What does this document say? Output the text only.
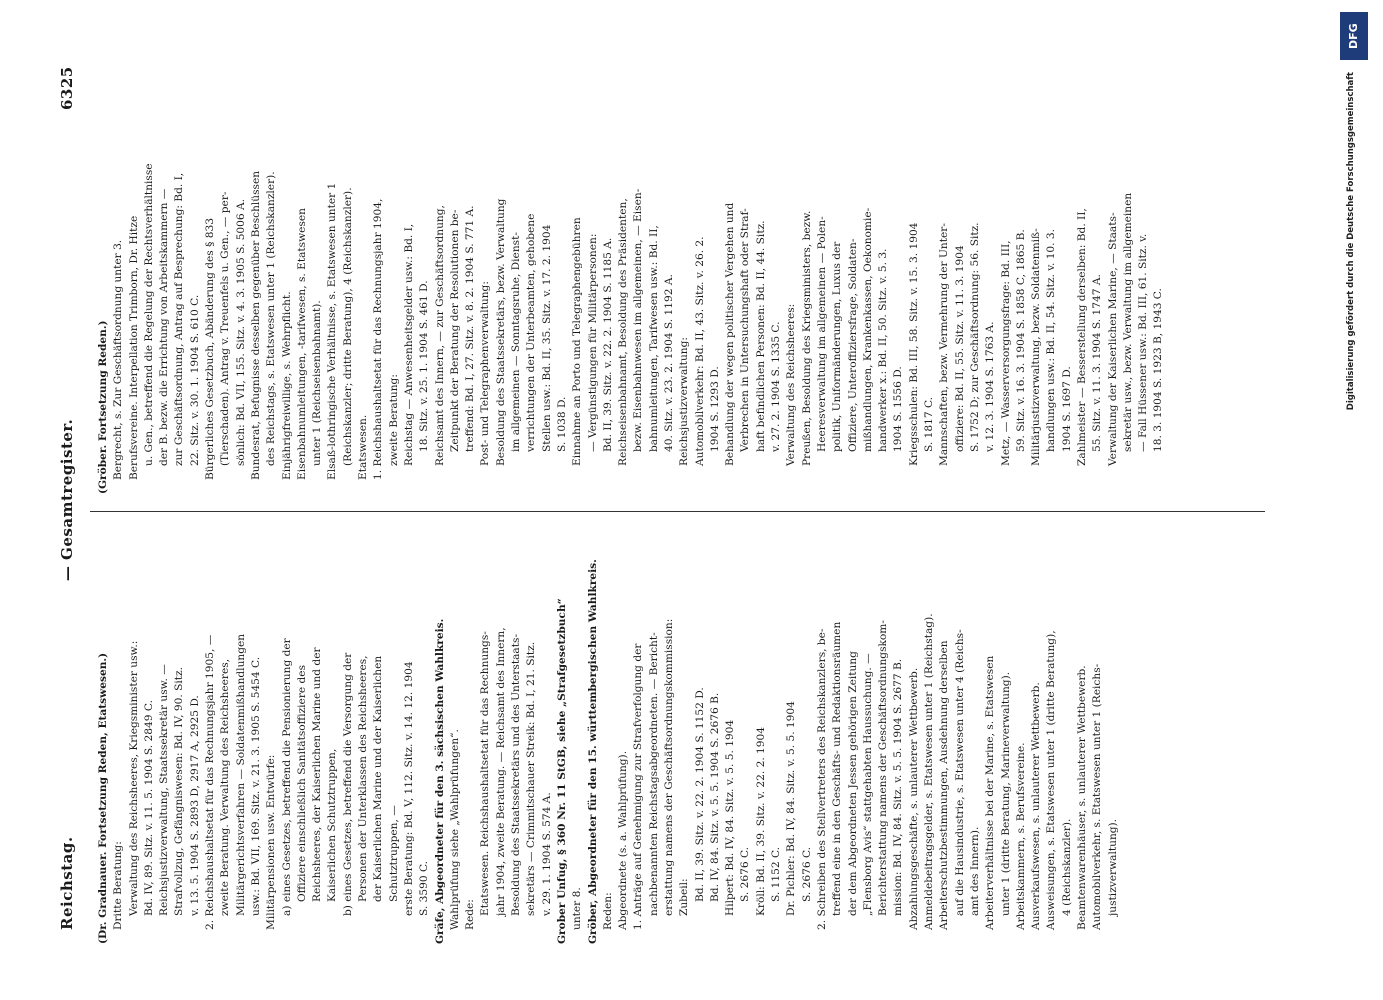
Reichstag.
— Gesamtregister.
6325
(Dr. Gradnauer. Fortsetzung Reden, Etatswesen.) Dritte Beratung: Verwaltung des Reichsheeres, Kriegsminister usw.: Bd. IV, 89. Sitz. v. 11. 5. 1904 S. 2849 C. Reichsjustizverwaltung, Staatssekretär usw. — Strafvollzug, Gefängniswesen: Bd. IV, 90. Sitz. v. 13. 5. 1904 S. 2893 D, 2917 A, 2925 D. 2. Reichshaushaltsetat für das Rechnungsjahr 1905, — zweite Beratung. Verwaltung des Reichsheeres, Militärgerichtsverfahren — Soldatenmißhandlungen usw.: Bd. VII, 169. Sitz. v. 21. 3. 1905 S. 5454 C. Militärpensionen usw. Entwürfe: a) eines Gesetzes, betreffend die Pensionierung der Offiziere einschließlich Sanitätsoffiziere des Reichsheeres, der Kaiserlichen Marine und der Kaiserlichen Schutztruppen, b) eines Gesetzes, betreffend die Versorgung der Personen der Unterklassen des Reichsheeres, der Kaiserlichen Marine und der Kaiserlichen Schutztruppen, — erste Beratung: Bd. V, 112. Sitz. v. 14. 12. 1904 S. 3590 C. Gräfe, Abgeordneter für den 3. sächsischen Wahlkreis. Wahlprüfung siehe „Wahlprüfungen“. Rede: Etatswesen. Reichshaushaltsetat für das Rechnungs- jahr 1904, zweite Beratung. — Reichsamt des Innern, Besoldung des Staatssekretärs und des Unterstaats- sekretärs — Crimmitschauer Streik: Bd. I, 21. Sitz. v. 29. 1. 1904 S. 574 A. Grober Unfug, § 360 Nr. 11 StGB, siehe „Strafgesetzbuch“ unter 8. Gröber, Abgeordneter für den 15. württembergischen Wahlkreis. Reden: Abgeordnete (s. a. Wahlprüfung). 1. Anträge auf Genehmigung zur Strafverfolgung der nachbenannten Reichstagsabgeordneten. — Bericht- erstattung namens der Geschäftsordnungskommission: Zubeil: Bd. II, 39. Sitz. v. 22. 2. 1904 S. 1152 D. Bd. IV, 84. Sitz. v. 5. 5. 1904 S. 2676 B. Hilpert: Bd. IV, 84. Sitz. v. 5. 5. 1904 S. 2676 C. Kröll: Bd. II, 39. Sitz. v. 22. 2. 1904 S. 1152 C. Dr. Pichler: Bd. IV, 84. Sitz. v. 5. 5. 1904 S. 2676 C. 2. Schreiben des Stellvertreters des Reichskanzlers, be- treffend eine in den Geschäfts- und Redaktionsräumen der dem Abgeordneten Jessen gehörigen Zeitung „Flensborg Avis“ stattgehabten Haussuchung. — Berichterstattung namens der Geschäftsordnungskom- mission: Bd. IV, 84. Sitz. v. 5. 5. 1904 S. 2677 B. Abzahlungsgeschäfte, s. unlauterer Wettbewerb. Anmeldebeitragsgelder, s. Etatswesen unter 1 (Reichstag). Arbeiterschutzbestimmungen, Ausdehnung derselben auf die Hausindustrie, s. Etatswesen unter 4 (Reichs- amt des Innern). Arbeiterverhältnisse bei der Marine, s. Etatswesen unter 1 (dritte Beratung, Marineverwaltung). Arbeitskammern, s. Berufsvereine. Ausverkaufswesen, s. unlauterer Wettbewerb. Ausweisungen, s. Etatswesen unter 1 (dritte Beratung), 4 (Reichskanzler). Beamtenwarenhäuser, s. unlauterer Wettbewerb. Automobilverkehr, s. Etatswesen unter 1 (Reichs- justizverwaltung).
(Gröber. Fortsetzung Reden.) Bergrecht, s. Zur Geschäftsordnung unter 3. Berufsvereine. Interpellation Trimborn, Dr. Hitze u. Gen., betreffend die Regelung der Rechtsverhältnisse der B. bezw. die Errichtung von Arbeitskammern — zur Geschäftsordnung, Antrag auf Besprechung: Bd. I, 22. Sitz. v. 30. 1. 1904 S. 610 C. Bürgerliches Gesetzbuch, Abänderung des § 833 (Tierschaden). Antrag v. Treuenfels u. Gen., — per- sönlich: Bd. VII, 155. Sitz. v. 4. 3. 1905 S. 5006 A. Bundesrat, Befugnisse desselben gegenüber Beschlüssen des Reichstags, s. Etatswesen unter 1 (Reichskanzler). Einjährigfreiwillige, s. Wehrpflicht. Eisenbahnumleitungen, -tarifwesen, s. Etatswesen unter 1 (Reichseisenbahnamt). Elsaß-lothringische Verhältnisse, s. Etatswesen unter 1 (Reichskanzler; dritte Beratung), 4 (Reichskanzler). Etatswesen. 1. Reichshaushaltsetat für das Rechnungsjahr 1904, zweite Beratung: Reichstag — Anwesenheitsgelder usw.: Bd. I, 18. Sitz. v. 25. 1. 1904 S. 461 D. Reichsamt des Innern, — zur Geschäftsordnung, Zeitpunkt der Beratung der Resolutionen be- treffend: Bd. I, 27. Sitz. v. 8. 2. 1904 S. 771 A. Post- und Telegraphenverwaltung: Besoldung des Staatssekretärs, bezw. Verwaltung im allgemeinen — Sonntagsruhe, Dienst- verrichtungen der Unterbeamten, gehobene Stellen usw.: Bd. II, 35. Sitz. v. 17. 2. 1904 S. 1038 D. Einnahme an Porto und Telegraphengebühren — Vergünstigungen für Militärpersonen: Bd. II, 39. Sitz. v. 22. 2. 1904 S. 1185 A. Reichseisenbahnamt, Besoldung des Präsidenten, bezw. Eisenbahnwesen im allgemeinen, — Eisen- bahnumleitungen, Tarifwesen usw.: Bd. II, 40. Sitz. v. 23. 2. 1904 S. 1192 A. Reichsjustizverwaltung: Automobilverkehr: Bd. II, 43. Sitz. v. 26. 2. 1904 S. 1293 D. Behandlung der wegen politischer Vergehen und Verbrechen in Untersuchungshaft oder Straf- haft befindlichen Personen: Bd. II, 44. Sitz. v. 27. 2. 1904 S. 1335 C. Verwaltung des Reichsheeres: Preußen, Besoldung des Kriegsministers, bezw. Heeresverwaltung im allgemeinen — Polen- politik, Uniformänderungen, Luxus der Offiziere, Unteroffiziersfrage, Soldaten- mißhandlungen, Krankenkassen, Oekonomie- handwerker x.: Bd. II, 50. Sitz. v. 5. 3. 1904 S. 1556 D. Kriegsschulen: Bd. III, 58. Sitz. v. 15. 3. 1904 S. 1817 C. Mannschaften, bezw. Vermehrung der Unter- offiziere: Bd. II, 55. Sitz. v. 11. 3. 1904 S. 1752 D; zur Geschäftsordnung: 56. Sitz. v. 12. 3. 1904 S. 1763 A. Metz, — Wasserversorgungsfrage: Bd. III, 59. Sitz. v. 16. 3. 1904 S. 1858 C, 1865 B. Militärjustizverwaltung, bezw. Soldatenmiß- handlungen usw.: Bd. II, 54. Sitz. v. 10. 3. 1904 S. 1697 D. Zahlmeister — Besserstellung derselben: Bd. II, 55. Sitz. v. 11. 3. 1904 S. 1747 A. Verwaltung der Kaiserlichen Marine, — Staats- sekretär usw., bezw. Verwaltung im allgemeinen — Fall Hüssener usw.: Bd. III, 61. Sitz. v. 18. 3. 1904 S. 1923 B, 1943 C.
DFG
Digitalisierung gefördert durch die Deutsche Forschungsgemeinschaft
